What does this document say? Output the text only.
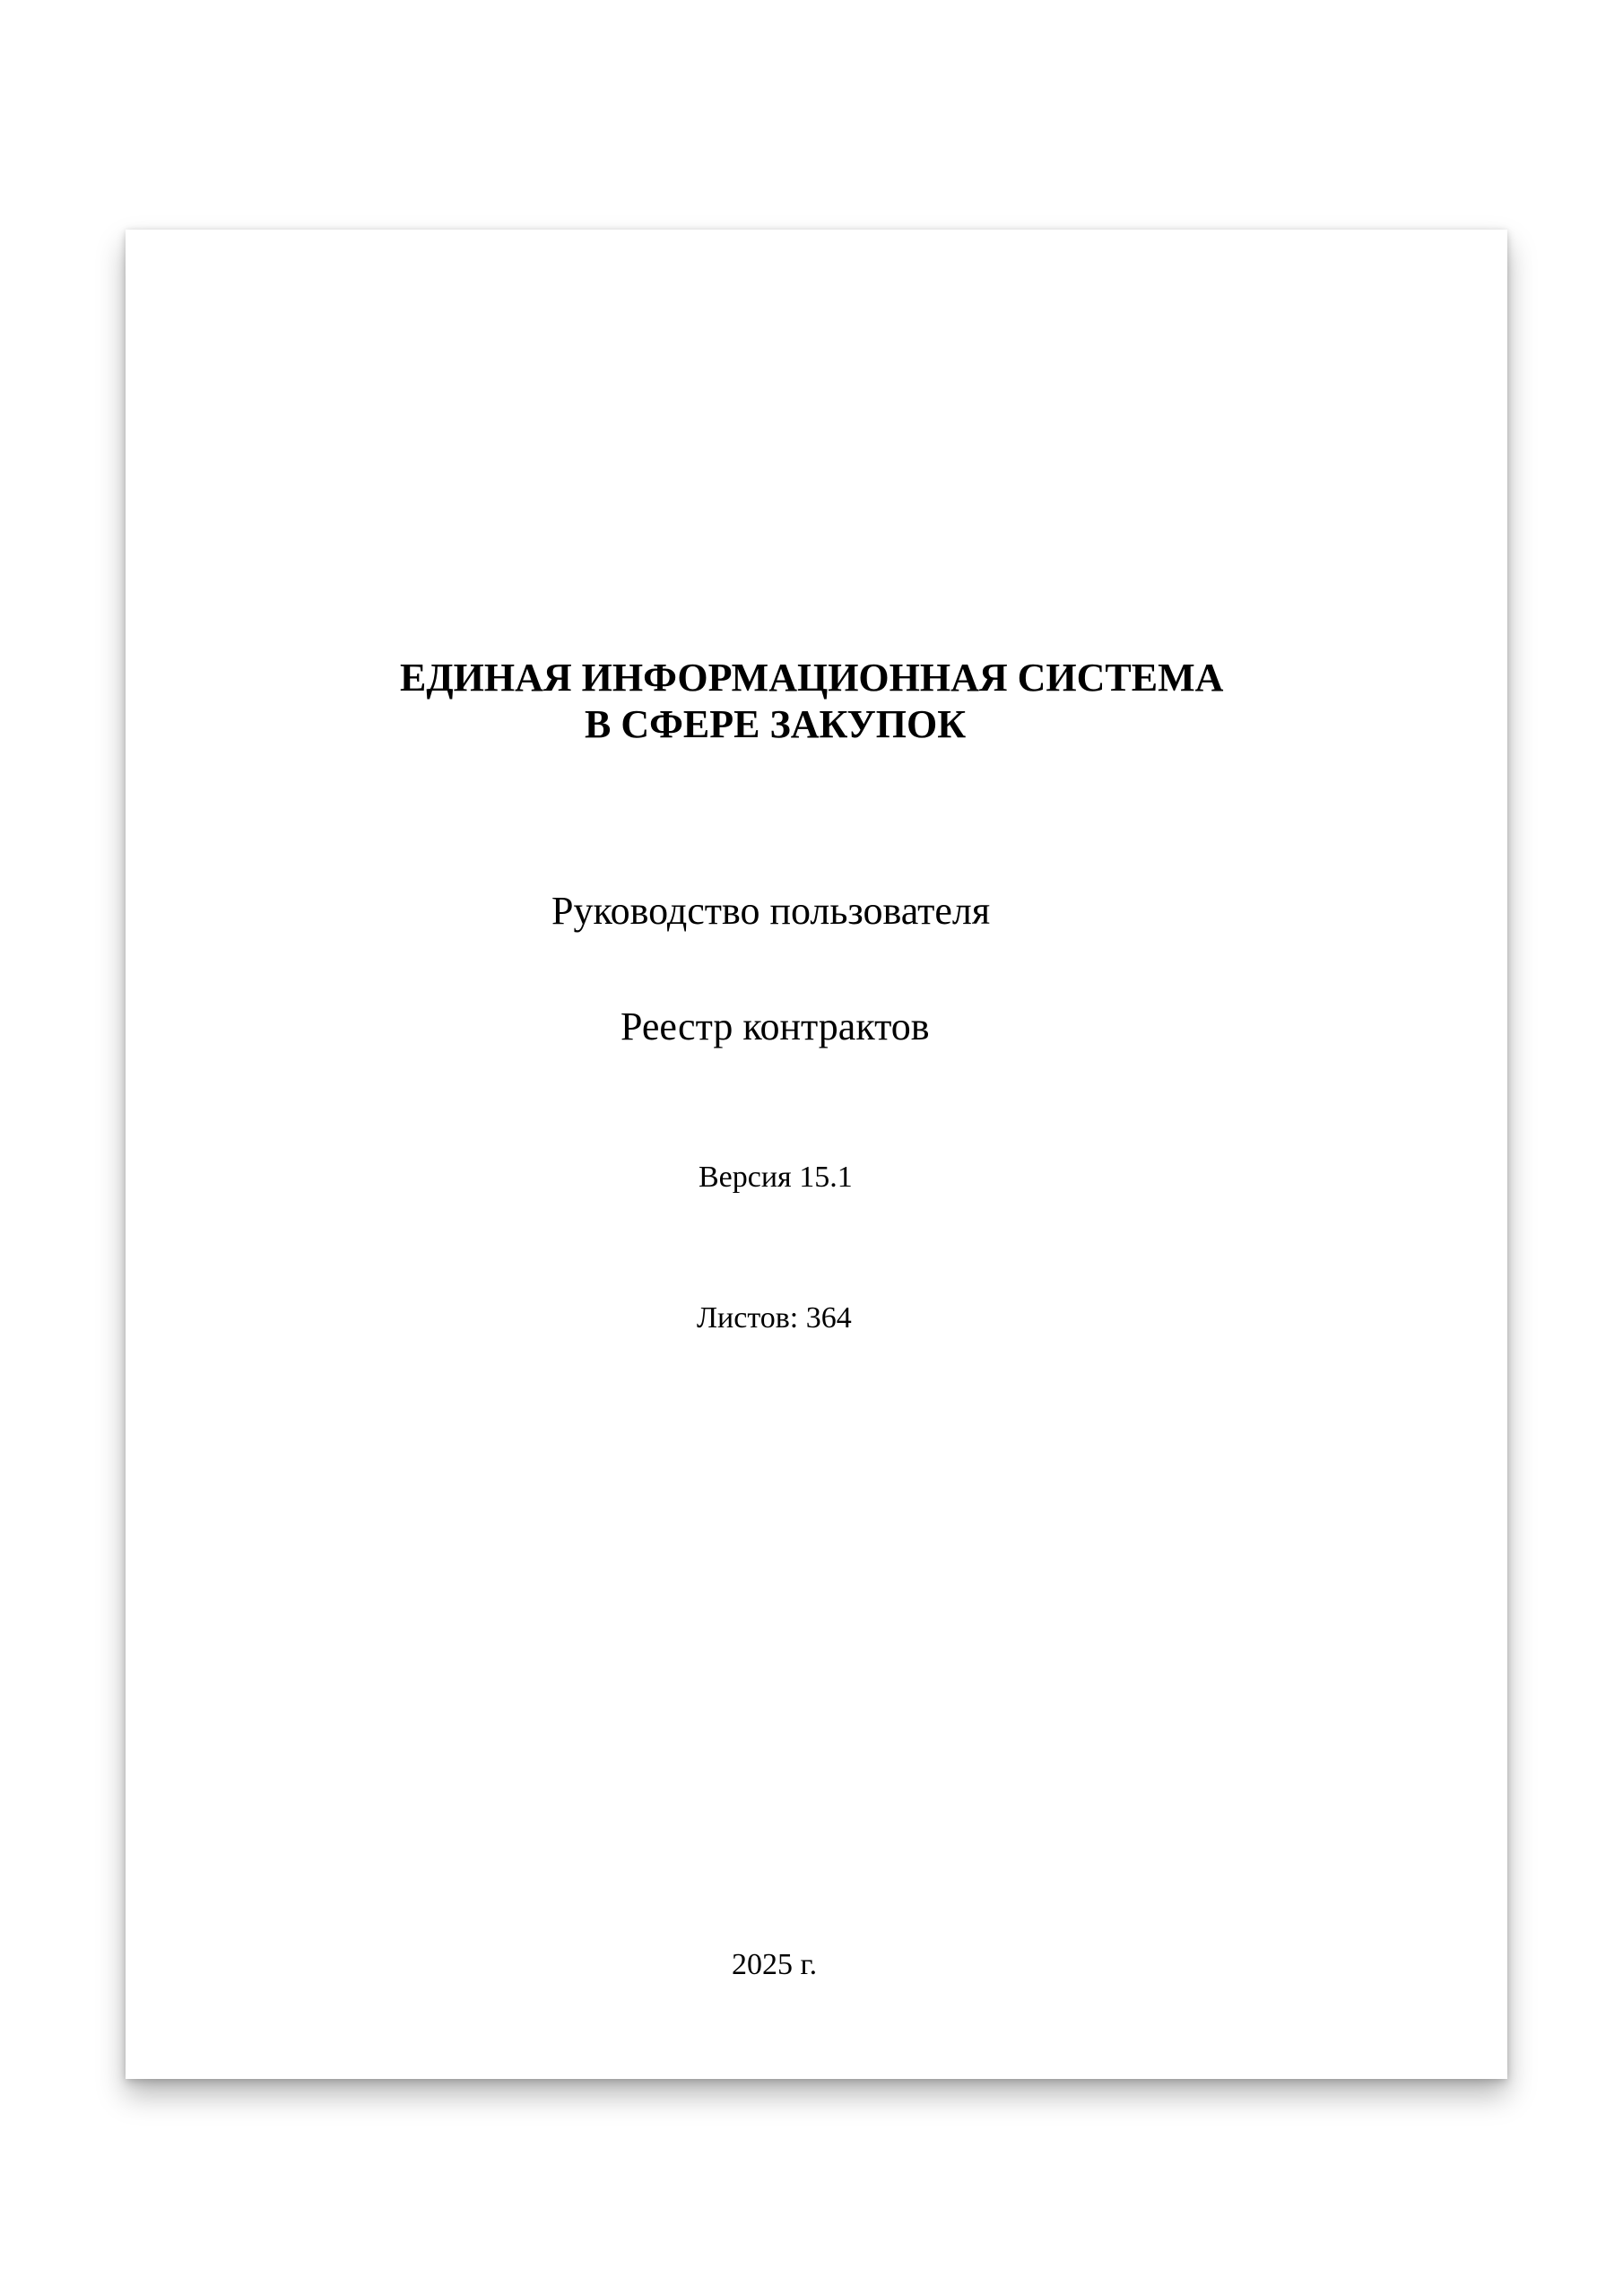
ЕДИНАЯ ИНФОРМАЦИОННАЯ СИСТЕМА

В СФЕРЕ ЗАКУПОК

Руководство пользователя

Реестр контрактов

Версия 15.1

Листов: 364

2025 г.
